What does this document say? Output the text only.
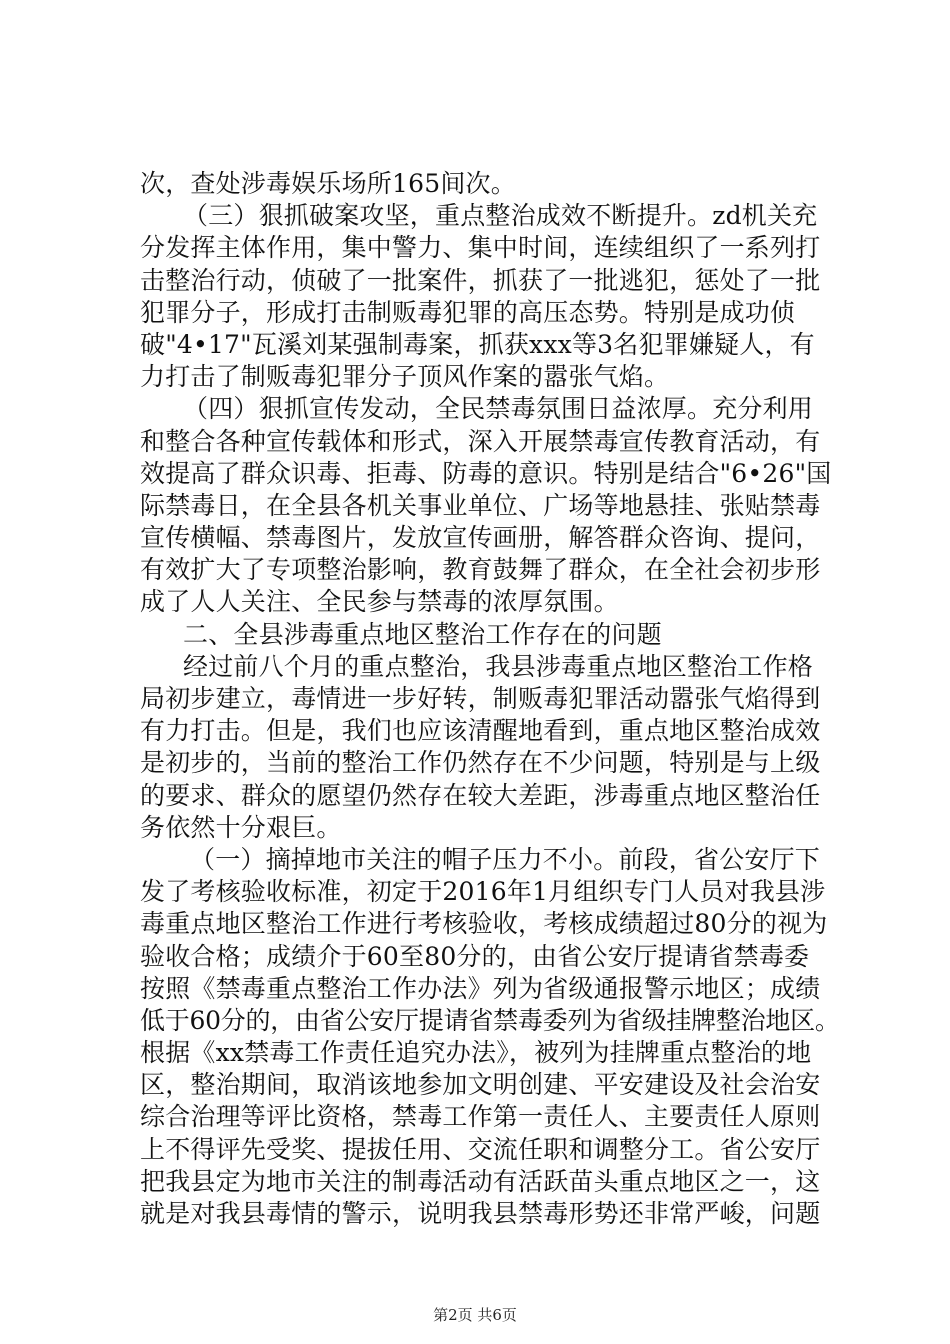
次，查处涉毒娱乐场所165间次。
（三）狠抓破案攻坚，重点整治成效不断提升。zd机关充
分发挥主体作用，集中警力、集中时间，连续组织了一系列打
击整治行动，侦破了一批案件，抓获了一批逃犯，惩处了一批
犯罪分子，形成打击制贩毒犯罪的高压态势。特别是成功侦
破"4•17"瓦溪刘某强制毒案，抓获xxx等3名犯罪嫌疑人，有
力打击了制贩毒犯罪分子顶风作案的嚣张气焰。
（四）狠抓宣传发动，全民禁毒氛围日益浓厚。充分利用
和整合各种宣传载体和形式，深入开展禁毒宣传教育活动，有
效提高了群众识毒、拒毒、防毒的意识。特别是结合"6•26"国
际禁毒日，在全县各机关事业单位、广场等地悬挂、张贴禁毒
宣传横幅、禁毒图片，发放宣传画册，解答群众咨询、提问，
有效扩大了专项整治影响，教育鼓舞了群众，在全社会初步形
成了人人关注、全民参与禁毒的浓厚氛围。
二、全县涉毒重点地区整治工作存在的问题
经过前八个月的重点整治，我县涉毒重点地区整治工作格
局初步建立，毒情进一步好转，制贩毒犯罪活动嚣张气焰得到
有力打击。但是，我们也应该清醒地看到，重点地区整治成效
是初步的，当前的整治工作仍然存在不少问题，特别是与上级
的要求、群众的愿望仍然存在较大差距，涉毒重点地区整治任
务依然十分艰巨。
（一）摘掉地市关注的帽子压力不小。前段，省公安厅下
发了考核验收标准，初定于2016年1月组织专门人员对我县涉
毒重点地区整治工作进行考核验收，考核成绩超过80分的视为
验收合格；成绩介于60至80分的，由省公安厅提请省禁毒委
按照《禁毒重点整治工作办法》列为省级通报警示地区；成绩
低于60分的，由省公安厅提请省禁毒委列为省级挂牌整治地区。
根据《xx禁毒工作责任追究办法》，被列为挂牌重点整治的地
区，整治期间，取消该地参加文明创建、平安建设及社会治安
综合治理等评比资格，禁毒工作第一责任人、主要责任人原则
上不得评先受奖、提拔任用、交流任职和调整分工。省公安厅
把我县定为地市关注的制毒活动有活跃苗头重点地区之一，这
就是对我县毒情的警示，说明我县禁毒形势还非常严峻，问题
第2页 共6页
